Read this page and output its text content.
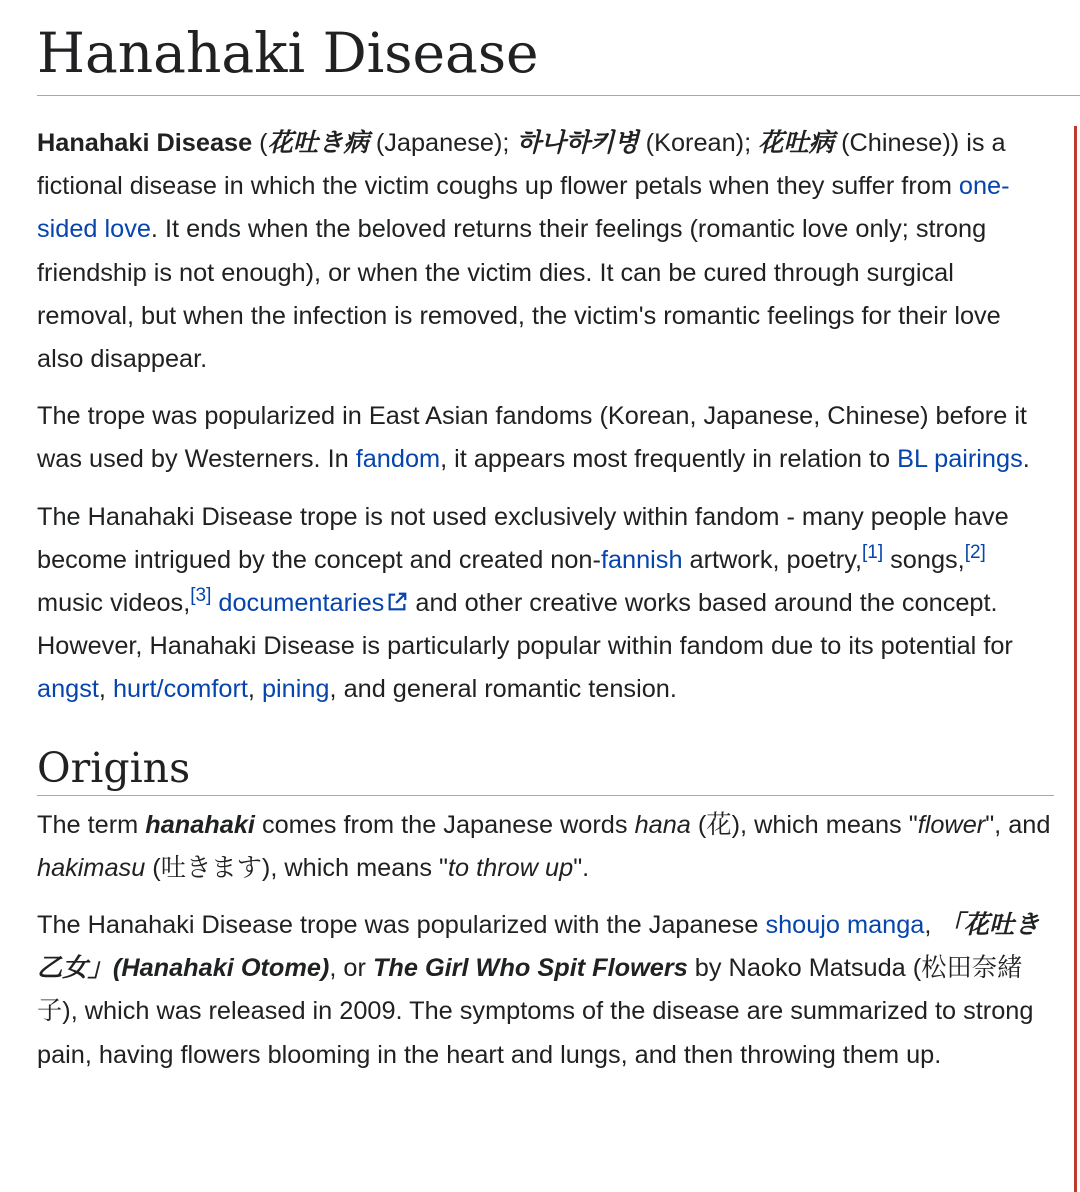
Hanahaki Disease

Hanahaki Disease (花吐き病 (Japanese); 하나하키병 (Korean); 花吐病 (Chinese)) is a fictional disease in which the victim coughs up flower petals when they suffer from one-sided love. It ends when the beloved returns their feelings (romantic love only; strong friendship is not enough), or when the victim dies. It can be cured through surgical removal, but when the infection is removed, the victim's romantic feelings for their love also disappear.

The trope was popularized in East Asian fandoms (Korean, Japanese, Chinese) before it was used by Westerners. In fandom, it appears most frequently in relation to BL pairings.

The Hanahaki Disease trope is not used exclusively within fandom - many people have become intrigued by the concept and created non-fannish artwork, poetry,[1] songs,[2] music videos,[3] documentaries and other creative works based around the concept. However, Hanahaki Disease is particularly popular within fandom due to its potential for angst, hurt/comfort, pining, and general romantic tension.

Origins

The term hanahaki comes from the Japanese words hana (花), which means "flower", and hakimasu (吐きます), which means "to throw up".

The Hanahaki Disease trope was popularized with the Japanese shoujo manga, 「花吐き乙女」(Hanahaki Otome), or The Girl Who Spit Flowers by Naoko Matsuda (松田奈緒子), which was released in 2009. The symptoms of the disease are summarized to strong pain, having flowers blooming in the heart and lungs, and then throwing them up.
